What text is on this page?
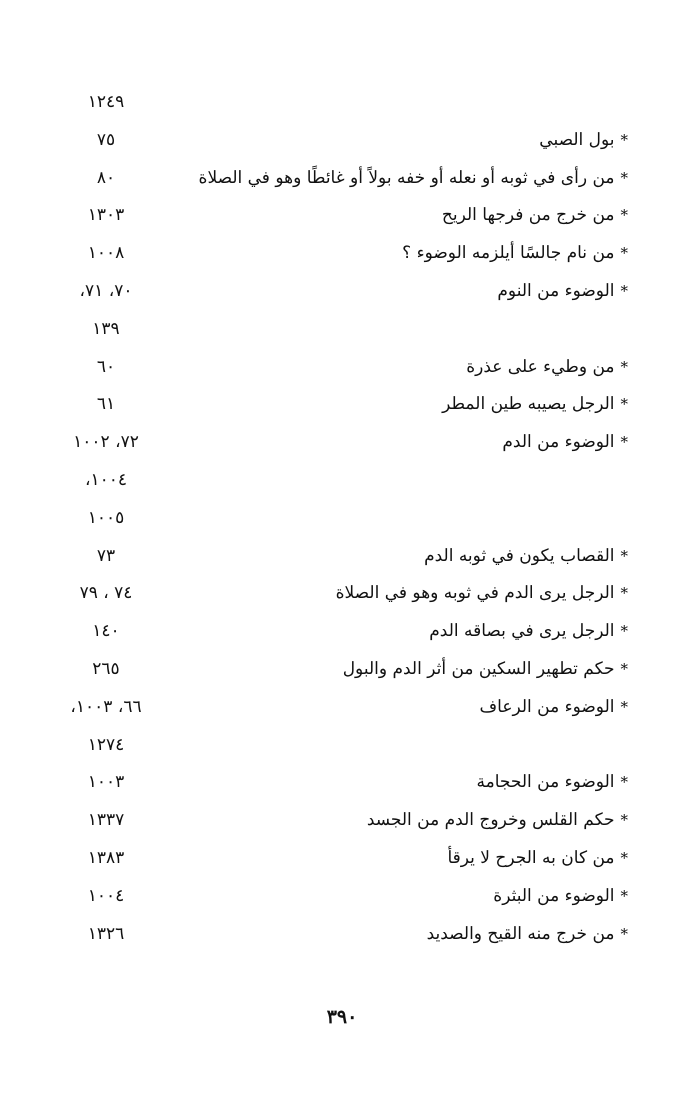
١٢٤٩
*بول الصبي
٧٥
*من رأى في ثوبه أو نعله أو خفه بولاً أو غائطًا وهو في الصلاة
٨٠
*من خرج من فرجها الريح
١٣٠٣
*من نام جالسًا أيلزمه الوضوء ؟
١٠٠٨
*الوضوء من النوم
٧٠، ٧١،
١٣٩
*من وطيء على عذرة
٦٠
*الرجل يصيبه طين المطر
٦١
*الوضوء من الدم
٧٢، ١٠٠٢
١٠٠٤،
١٠٠٥
*القصاب يكون في ثوبه الدم
٧٣
*الرجل يرى الدم في ثوبه وهو في الصلاة
٧٤ ، ٧٩
*الرجل يرى في بصاقه الدم
١٤٠
*حكم تطهير السكين من أثر الدم والبول
٢٦٥
*الوضوء من الرعاف
٦٦، ١٠٠٣،
١٢٧٤
*الوضوء من الحجامة
١٠٠٣
*حكم القلس وخروج الدم من الجسد
١٣٣٧
*من كان به الجرح لا يرقأ
١٣٨٣
*الوضوء من البثرة
١٠٠٤
*من خرج منه القيح والصديد
١٣٢٦
٣٩٠
